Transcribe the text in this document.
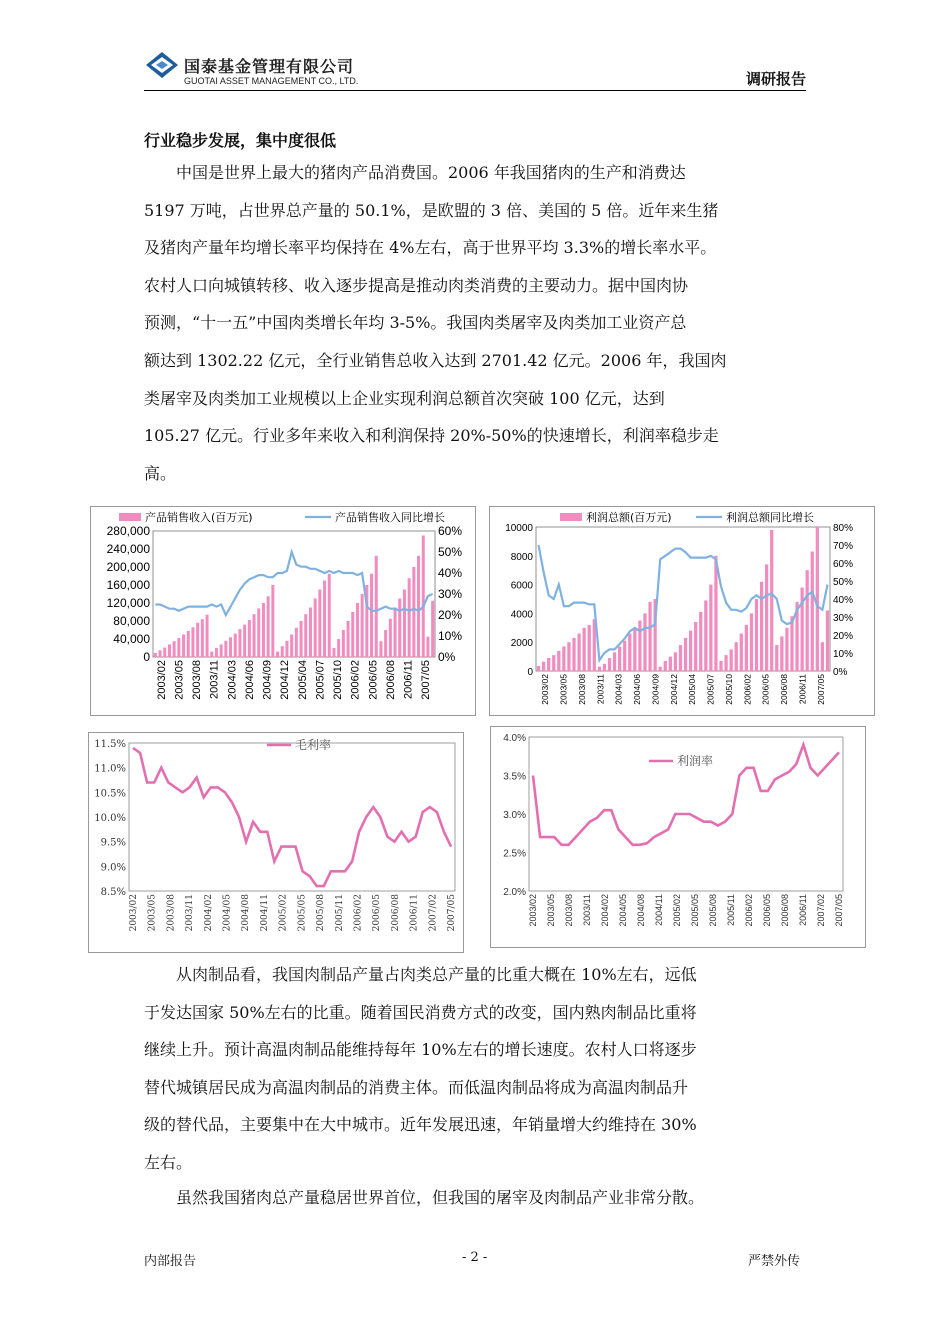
国泰基金管理有限公司
GUOTAI ASSET MANAGEMENT CO., LTD.	调研报告
行业稳步发展，集中度很低
　　中国是世界上最大的猪肉产品消费国。2006 年我国猪肉的生产和消费达
5197 万吨，占世界总产量的 50.1%，是欧盟的 3 倍、美国的 5 倍。近年来生猪
及猪肉产量年均增长率平均保持在 4%左右，高于世界平均 3.3%的增长率水平。
农村人口向城镇转移、收入逐步提高是推动肉类消费的主要动力。据中国肉协
预测，“十一五”中国肉类增长年均 3-5%。我国肉类屠宰及肉类加工业资产总
额达到 1302.22 亿元，全行业销售总收入达到 2701.42 亿元。2006 年，我国肉
类屠宰及肉类加工业规模以上企业实现利润总额首次突破 100 亿元，达到
105.27 亿元。行业多年来收入和利润保持 20%-50%的快速增长，利润率稳步走
高。
280,000
240,000
200,000
160,000
120,000
80,000
40,000
0
60%
50%
40%
30%
20%
10%
0%
2003/02 2003/05 2003/08 2003/11 2004/03 2004/06 2004/09 2004/12 2005/04 2005/07 2005/10 2006/02 2006/05 2006/08 2006/11 2007/05
产品销售收入(百万元)	产品销售收入同比增长
10000
8000
6000
4000
2000
0
80%
70%
60%
50%
40%
30%
20%
10%
0%
2003/02 2003/05 2003/08 2003/11 2004/03 2004/06 2004/09 2004/12 2005/04 2005/07 2005/10 2006/02 2006/05 2006/08 2006/11 2007/05
利润总额(百万元)	利润总额同比增长
11.5%
11.0%
10.5%
10.0%
9.5%
9.0%
8.5%
2003/02 2003/05 2003/08 2003/11 2004/02 2004/05 2004/08 2004/11 2005/02 2005/05 2005/08 2005/11 2006/02 2006/05 2006/08 2006/11 2007/02 2007/05
毛利率	4.0%
3.5%
3.0%
2.5%
2.0%
2003/02 2003/05 2003/08 2003/11 2004/02 2004/05 2004/08 2004/11 2005/02 2005/05 2005/08 2005/11 2006/02 2006/05 2006/08 2006/11 2007/02 2007/05
利润率
　　从肉制品看，我国肉制品产量占肉类总产量的比重大概在 10%左右，远低
于发达国家 50%左右的比重。随着国民消费方式的改变，国内熟肉制品比重将
继续上升。预计高温肉制品能维持每年 10%左右的增长速度。农村人口将逐步
替代城镇居民成为高温肉制品的消费主体。而低温肉制品将成为高温肉制品升
级的替代品，主要集中在大中城市。近年发展迅速，年销量增大约维持在 30%
左右。
　　虽然我国猪肉总产量稳居世界首位，但我国的屠宰及肉制品产业非常分散。
内部报告	- 2 -	严禁外传
